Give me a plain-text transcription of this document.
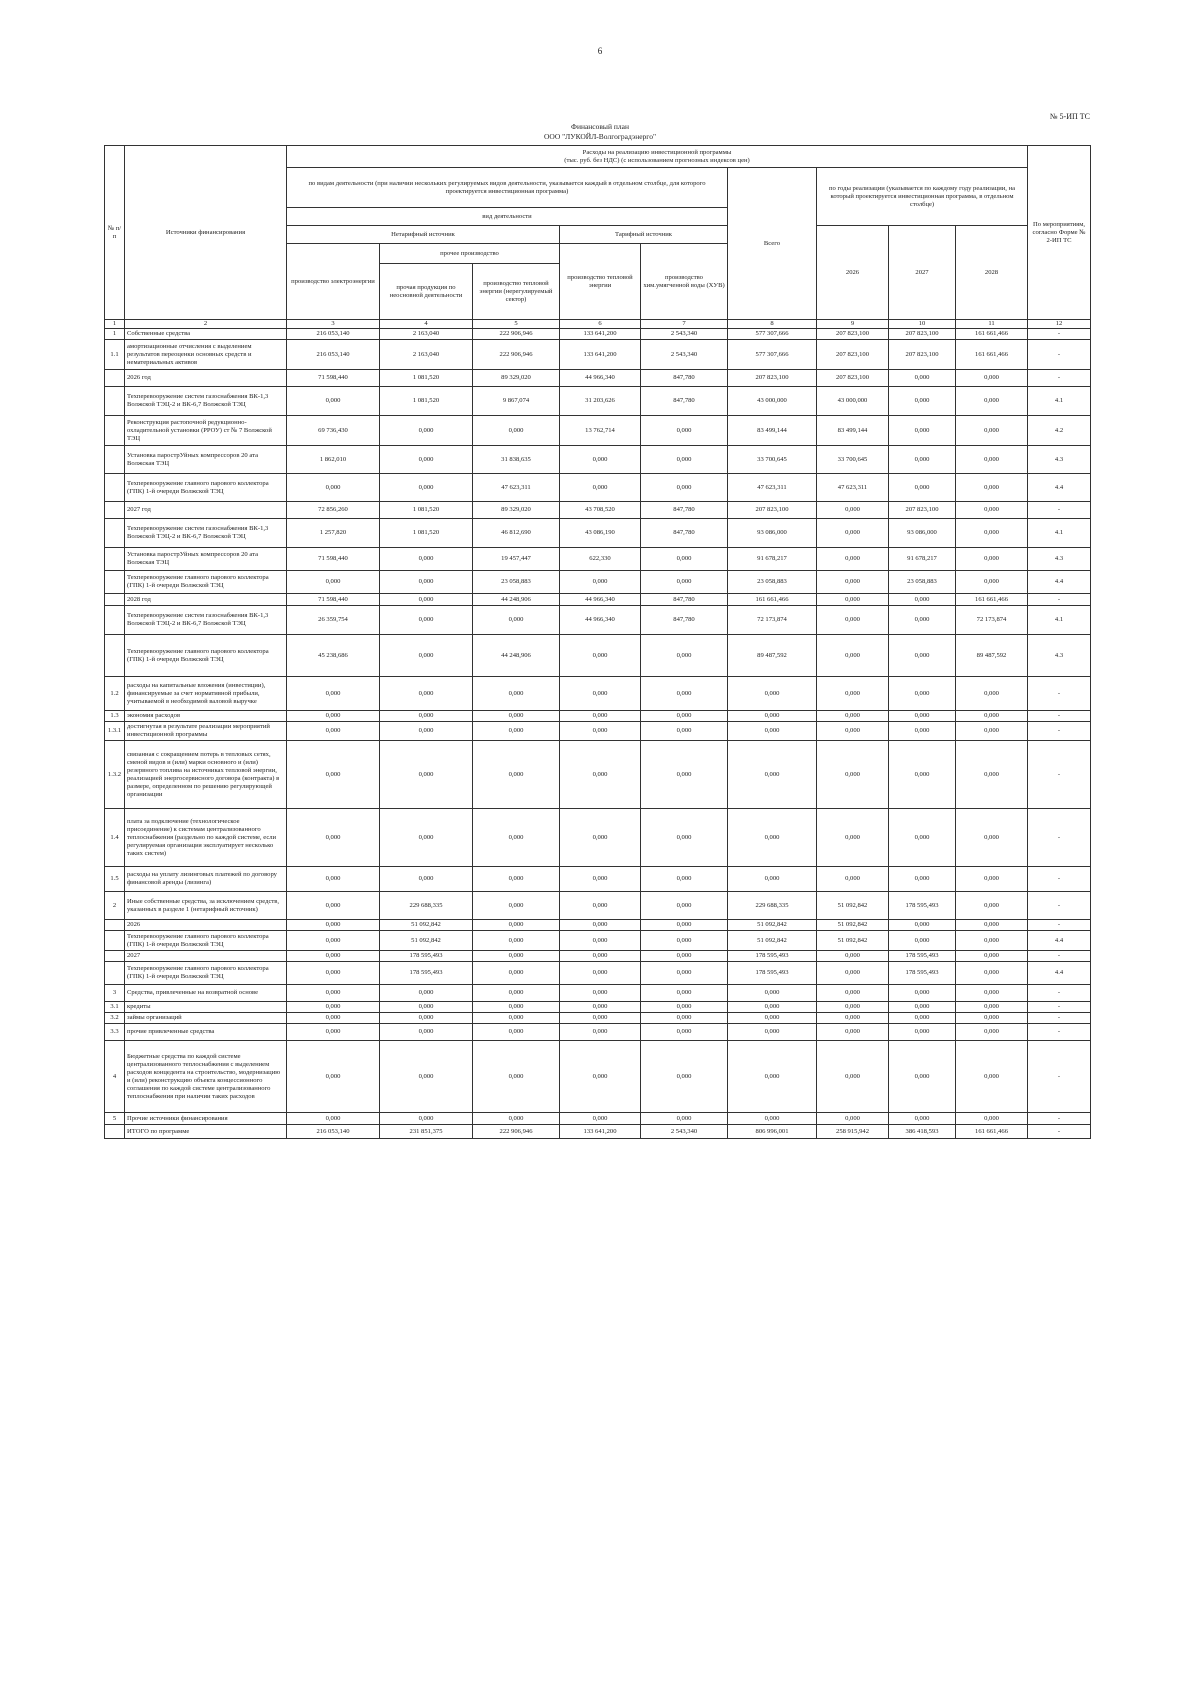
6
№ 5-ИП ТС
Финансовый план
ООО "ЛУКОЙЛ-Волгоградэнерго"
№ п/п	Источники финансирования	Расходы на реализацию инвестиционной программы
(тыс. руб. без НДС) (с использованием прогнозных индексов цен)									По мероприятиям, согласно Форме № 2-ИП ТС
		по видам деятельности (при наличии нескольких регулируемых видов деятельности, указывается каждый в отдельном столбце, для которого проектируется инвестиционная программа)					Всего	по годы реализации (указывается по каждому году реализации, на который проектируется инвестиционная программа, в отдельном столбце)			
		вид деятельности									
		Нетарифный источник			Тарифный источник			2026	2027	2028	
		производство электроэнергии	прочее производство		производство тепловой энергии	производство хим.умягченной воды (ХУВ)					
			прочая продукция по неосновной деятельности	производство тепловой энергии (нерегулируемый сектор)							
1	2	3	4	5	6	7	8	9	10	11	12
1	Собственные средства	216 053,140	2 163,040	222 906,946	133 641,200	2 543,340	577 307,666	207 823,100	207 823,100	161 661,466	-
1.1	амортизационные отчисления с выделением результатов переоценки основных средств и нематериальных активов	216 053,140	2 163,040	222 906,946	133 641,200	2 543,340	577 307,666	207 823,100	207 823,100	161 661,466	-
	2026 год	71 598,440	1 081,520	89 329,020	44 966,340	847,780	207 823,100	207 823,100	0,000	0,000	-
	Техперевооружение систем газоснабжения ВК-1,3 Волжской ТЭЦ-2 и ВК-6,7 Волжской ТЭЦ	0,000	1 081,520	9 867,074	31 203,626	847,780	43 000,000	43 000,000	0,000	0,000	4.1
	Реконструкция растопочной редукционно-охладительной установки (РРОУ) ст № 7 Волжской ТЭЦ	69 736,430	0,000	0,000	13 762,714	0,000	83 499,144	83 499,144	0,000	0,000	4.2
	Установка парострУйных компрессоров 20 ата Волжская ТЭЦ	1 862,010	0,000	31 838,635	0,000	0,000	33 700,645	33 700,645	0,000	0,000	4.3
	Техперевооружение главного парового коллектора (ГПК) 1-й очереди Волжской ТЭЦ	0,000	0,000	47 623,311	0,000	0,000	47 623,311	47 623,311	0,000	0,000	4.4
	2027 год	72 856,260	1 081,520	89 329,020	43 708,520	847,780	207 823,100	0,000	207 823,100	0,000	-
	Техперевооружение систем газоснабжения ВК-1,3 Волжской ТЭЦ-2 и ВК-6,7 Волжской ТЭЦ	1 257,820	1 081,520	46 812,690	43 086,190	847,780	93 086,000	0,000	93 086,000	0,000	4.1
	Установка парострУйных компрессоров 20 ата Волжская ТЭЦ	71 598,440	0,000	19 457,447	622,330	0,000	91 678,217	0,000	91 678,217	0,000	4.3
	Техперевооружение главного парового коллектора (ГПК) 1-й очереди Волжской ТЭЦ	0,000	0,000	23 058,883	0,000	0,000	23 058,883	0,000	23 058,883	0,000	4.4
	2028 год	71 598,440	0,000	44 248,906	44 966,340	847,780	161 661,466	0,000	0,000	161 661,466	-
	Техперевооружение систем газоснабжения ВК-1,3 Волжской ТЭЦ-2 и ВК-6,7 Волжской ТЭЦ	26 359,754	0,000	0,000	44 966,340	847,780	72 173,874	0,000	0,000	72 173,874	4.1
	Техперевооружение главного парового коллектора (ГПК) 1-й очереди Волжской ТЭЦ	45 238,686	0,000	44 248,906	0,000	0,000	89 487,592	0,000	0,000	89 487,592	4.3
1.2	расходы на капитальные вложения (инвестиции), финансируемые за счет нормативной прибыли, учитываемой в необходимой валовой выручке	0,000	0,000	0,000	0,000	0,000	0,000	0,000	0,000	0,000	-
1.3	экономия расходов	0,000	0,000	0,000	0,000	0,000	0,000	0,000	0,000	0,000	-
1.3.1	достигнутая в результате реализации мероприятий инвестиционной программы	0,000	0,000	0,000	0,000	0,000	0,000	0,000	0,000	0,000	-
1.3.2	связанная с сокращением потерь в тепловых сетях, сменой видов и (или) марки основного и (или) резервного топлива на источниках тепловой энергии, реализацией энергосервисного договора (контракта) в размере, определенном по решению регулирующей организации	0,000	0,000	0,000	0,000	0,000	0,000	0,000	0,000	0,000	-
1.4	плата за подключение (технологическое присоединение) к системам централизованного теплоснабжения (раздельно по каждой системе, если регулируемая организация эксплуатирует несколько таких систем)	0,000	0,000	0,000	0,000	0,000	0,000	0,000	0,000	0,000	-
1.5	расходы на уплату лизинговых платежей по договору финансовой аренды (лизинга)	0,000	0,000	0,000	0,000	0,000	0,000	0,000	0,000	0,000	-
2	Иные собственные средства, за исключением средств, указанных в разделе 1 (нетарифный источник)	0,000	229 688,335	0,000	0,000	0,000	229 688,335	51 092,842	178 595,493	0,000	-
	2026	0,000	51 092,842	0,000	0,000	0,000	51 092,842	51 092,842	0,000	0,000	-
	Техперевооружение главного парового коллектора (ГПК) 1-й очереди Волжской ТЭЦ	0,000	51 092,842	0,000	0,000	0,000	51 092,842	51 092,842	0,000	0,000	4.4
	2027	0,000	178 595,493	0,000	0,000	0,000	178 595,493	0,000	178 595,493	0,000	-
	Техперевооружение главного парового коллектора (ГПК) 1-й очереди Волжской ТЭЦ	0,000	178 595,493	0,000	0,000	0,000	178 595,493	0,000	178 595,493	0,000	4.4
3	Средства, привлеченные на возвратной основе	0,000	0,000	0,000	0,000	0,000	0,000	0,000	0,000	0,000	-
3.1	кредиты	0,000	0,000	0,000	0,000	0,000	0,000	0,000	0,000	0,000	-
3.2	займы организаций	0,000	0,000	0,000	0,000	0,000	0,000	0,000	0,000	0,000	-
3.3	прочие привлеченные средства	0,000	0,000	0,000	0,000	0,000	0,000	0,000	0,000	0,000	-
4	Бюджетные средства по каждой системе централизованного теплоснабжения с выделением расходов концедента на строительство, модернизацию и (или) реконструкцию объекта концессионного соглашения по каждой системе централизованного теплоснабжения при наличии таких расходов	0,000	0,000	0,000	0,000	0,000	0,000	0,000	0,000	0,000	-
5	Прочие источники финансирования	0,000	0,000	0,000	0,000	0,000	0,000	0,000	0,000	0,000	-
	ИТОГО по программе	216 053,140	231 851,375	222 906,946	133 641,200	2 543,340	806 996,001	258 915,942	386 418,593	161 661,466	-
